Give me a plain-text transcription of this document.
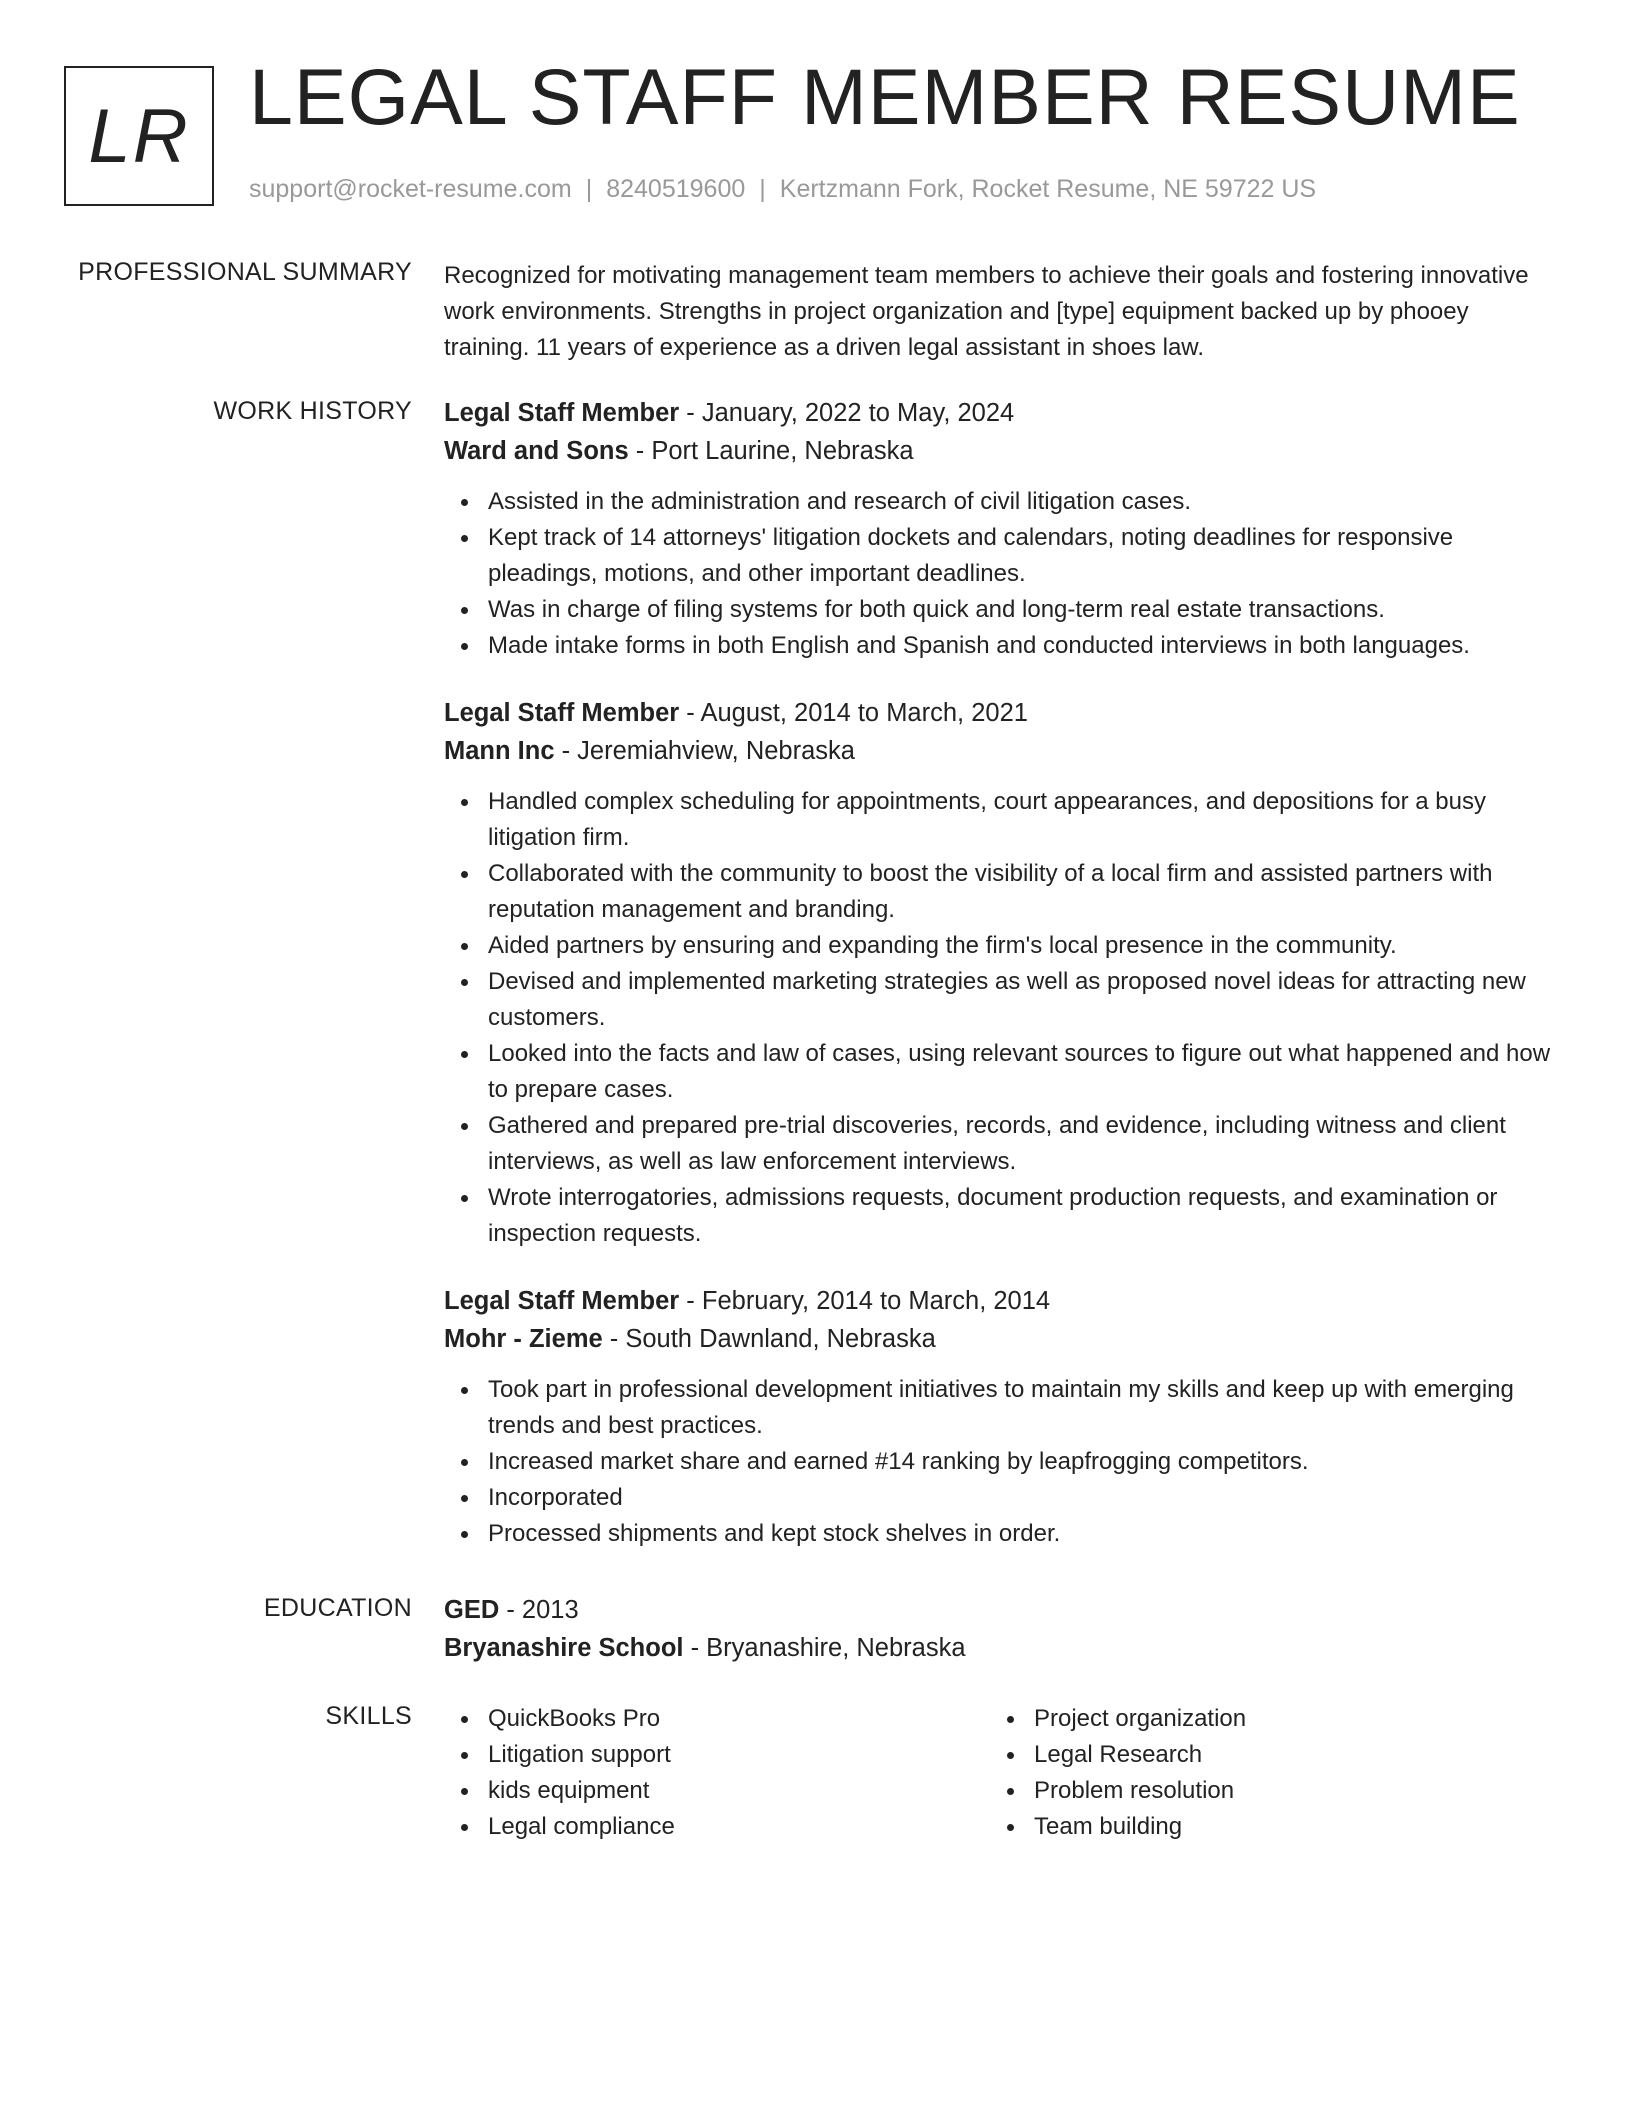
LR LEGAL STAFF MEMBER RESUME
support@rocket-resume.com | 8240519600 | Kertzmann Fork, Rocket Resume, NE 59722 US
PROFESSIONAL SUMMARY Recognized for motivating management team members to achieve their goals and fostering innovative work environments. Strengths in project organization and [type] equipment backed up by phooey training. 11 years of experience as a driven legal assistant in shoes law.

WORK HISTORY Legal Staff Member - January, 2022 to May, 2024
Ward and Sons - Port Laurine, Nebraska
Assisted in the administration and research of civil litigation cases.
Kept track of 14 attorneys' litigation dockets and calendars, noting deadlines for responsive pleadings, motions, and other important deadlines.
Was in charge of filing systems for both quick and long-term real estate transactions.
Made intake forms in both English and Spanish and conducted interviews in both languages.
Legal Staff Member - August, 2014 to March, 2021
Mann Inc - Jeremiahview, Nebraska
Handled complex scheduling for appointments, court appearances, and depositions for a busy litigation firm.
Collaborated with the community to boost the visibility of a local firm and assisted partners with reputation management and branding.
Aided partners by ensuring and expanding the firm's local presence in the community.
Devised and implemented marketing strategies as well as proposed novel ideas for attracting new customers.
Looked into the facts and law of cases, using relevant sources to figure out what happened and how to prepare cases.
Gathered and prepared pre-trial discoveries, records, and evidence, including witness and client interviews, as well as law enforcement interviews.
Wrote interrogatories, admissions requests, document production requests, and examination or inspection requests.
Legal Staff Member - February, 2014 to March, 2014
Mohr - Zieme - South Dawnland, Nebraska
Took part in professional development initiatives to maintain my skills and keep up with emerging trends and best practices.
Increased market share and earned #14 ranking by leapfrogging competitors.
Incorporated
Processed shipments and kept stock shelves in order.
EDUCATION GED - 2013
Bryanashire School - Bryanashire, Nebraska
SKILLS	QuickBooks Pro
Litigation support
kids equipment
Legal compliance
Project organization
Legal Research
Problem resolution
Team building
